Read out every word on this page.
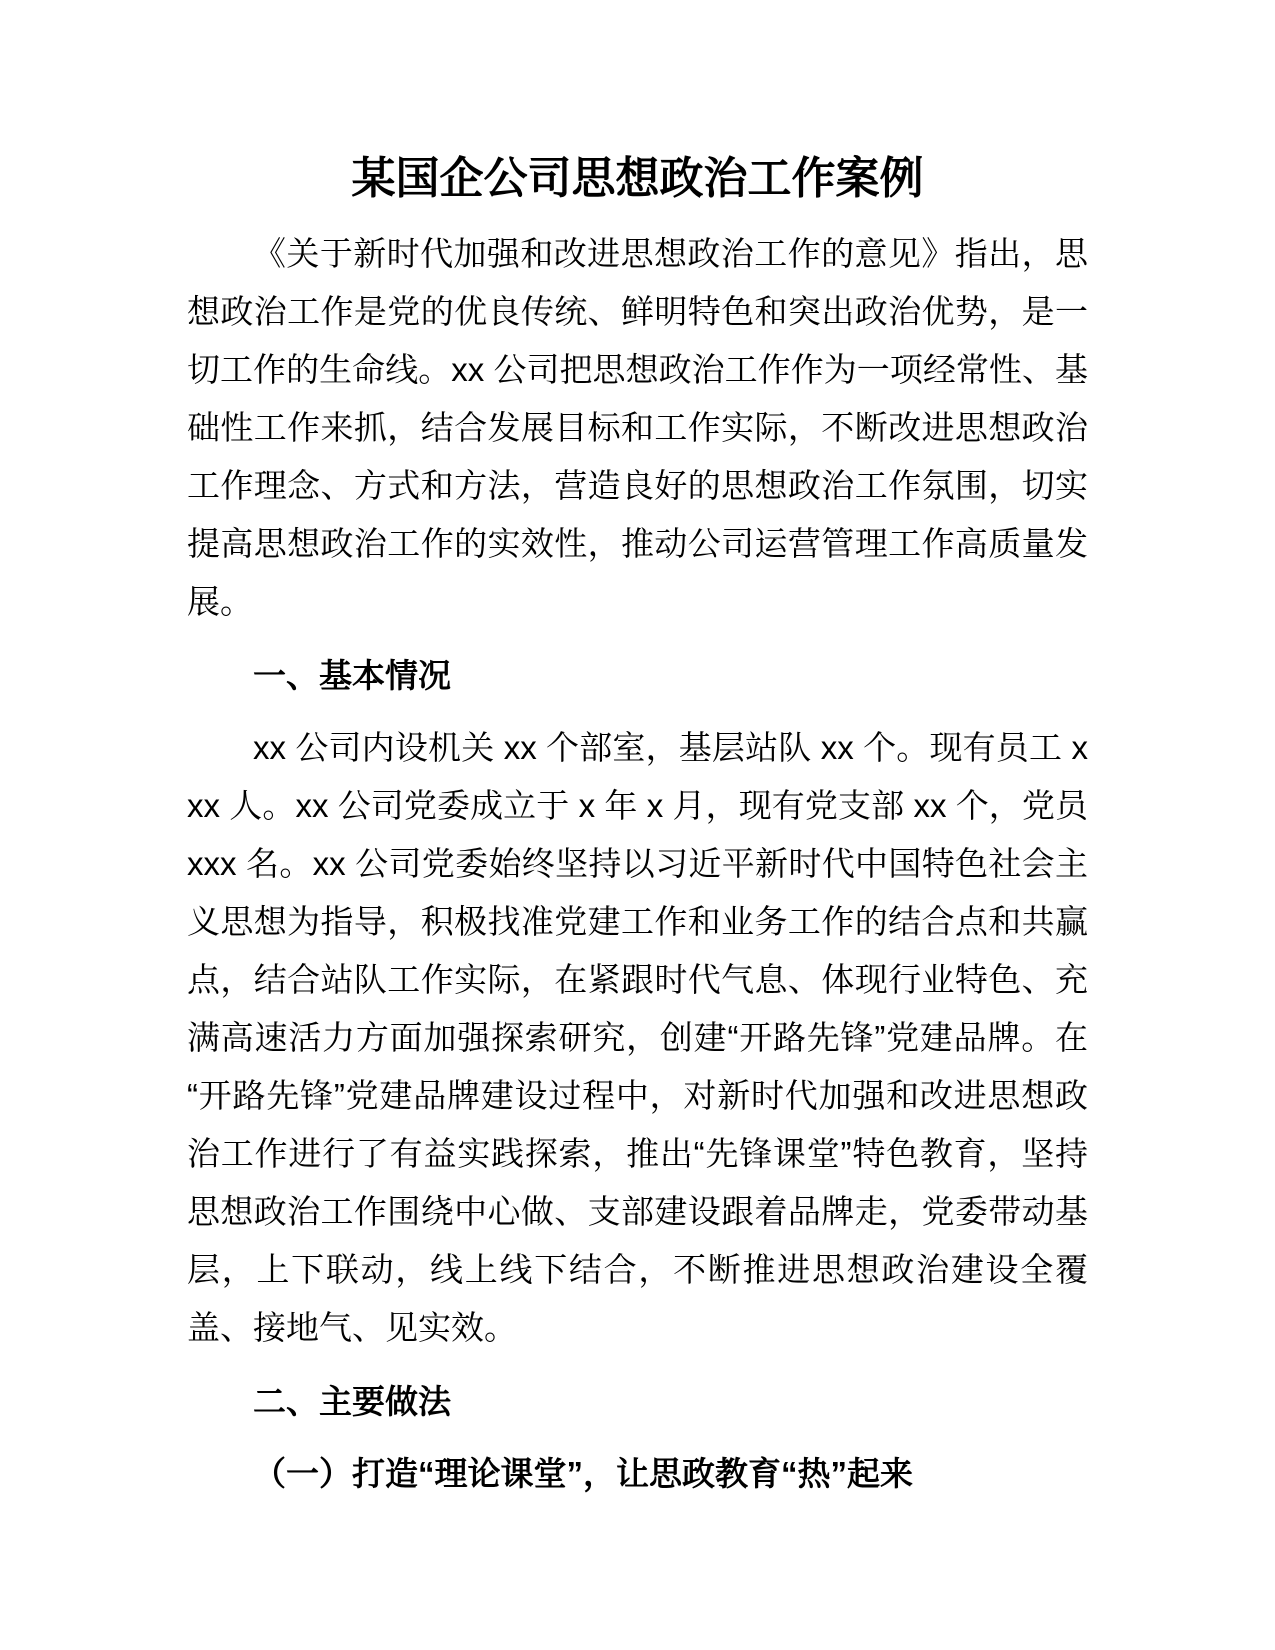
某国企公司思想政治工作案例

《关于新时代加强和改进思想政治工作的意见》指出，思想政治工作是党的优良传统、鲜明特色和突出政治优势，是一切工作的生命线。xx 公司把思想政治工作作为一项经常性、基础性工作来抓，结合发展目标和工作实际，不断改进思想政治工作理念、方式和方法，营造良好的思想政治工作氛围，切实提高思想政治工作的实效性，推动公司运营管理工作高质量发展。

一、基本情况

xx 公司内设机关 xx 个部室，基层站队 xx 个。现有员工 xxx 人。xx 公司党委成立于 x 年 x 月，现有党支部 xx 个，党员 xxx 名。xx 公司党委始终坚持以习近平新时代中国特色社会主义思想为指导，积极找准党建工作和业务工作的结合点和共赢点，结合站队工作实际，在紧跟时代气息、体现行业特色、充满高速活力方面加强探索研究，创建“开路先锋”党建品牌。在“开路先锋”党建品牌建设过程中，对新时代加强和改进思想政治工作进行了有益实践探索，推出“先锋课堂”特色教育，坚持思想政治工作围绕中心做、支部建设跟着品牌走，党委带动基层，上下联动，线上线下结合，不断推进思想政治建设全覆盖、接地气、见实效。

二、主要做法

（一）打造“理论课堂”，让思政教育“热”起来
